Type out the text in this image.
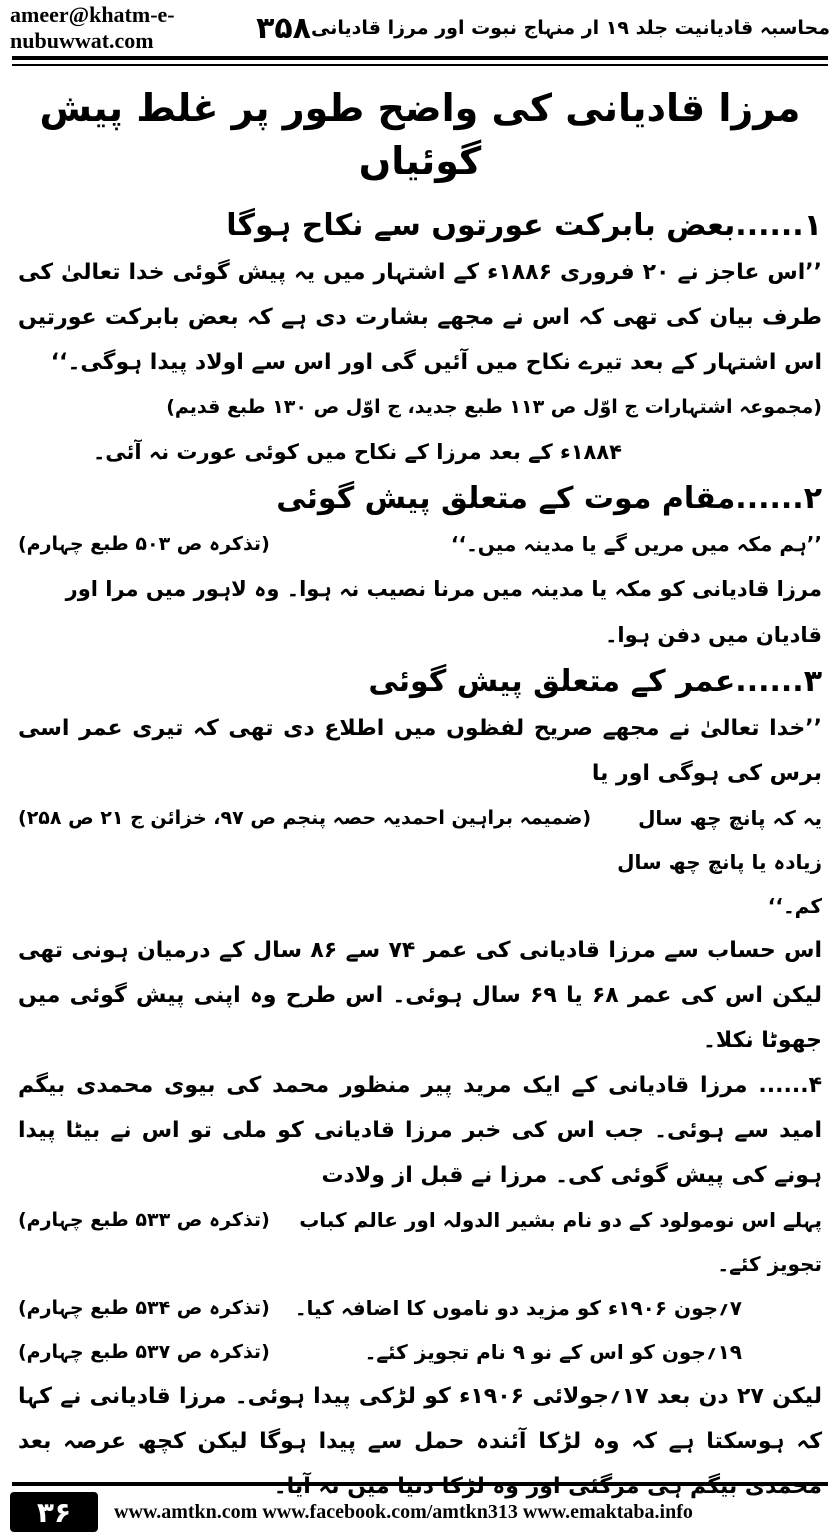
ameer@khatm-e-nubuwwat.com	۳۵۸ محاسبہ قادیانیت جلد ۱۹ ار منہاج نبوت اور مرزا قادیانی
مرزا قادیانی کی واضح طور پر غلط پیش گوئیاں
۱......بعض بابرکت عورتوں سے نکاح ہوگا

’’اس عاجز نے ۲۰ فروری ۱۸۸۶ء کے اشتہار میں یہ پیش گوئی خدا تعالیٰ کی طرف بیان کی تھی کہ اس نے مجھے بشارت دی ہے کہ بعض بابرکت عورتیں اس اشتہار کے بعد تیرے نکاح میں آئیں گی اور اس سے اولاد پیدا ہوگی۔‘‘

(مجموعہ اشتہارات ج اوّل ص ۱۱۳ طبع جدید، ج اوّل ص ۱۳۰ طبع قدیم)
۱۸۸۴ء کے بعد مرزا کے نکاح میں کوئی عورت نہ آئی۔
۲......مقام موت کے متعلق پیش گوئی
’’ہم مکہ میں مریں گے یا مدینہ میں۔‘‘
(تذکرہ ص ۵۰۳ طبع چہارم)
مرزا قادیانی کو مکہ یا مدینہ میں مرنا نصیب نہ ہوا۔ وہ لاہور میں مرا اور قادیان میں دفن ہوا۔
۳......عمر کے متعلق پیش گوئی

’’خدا تعالیٰ نے مجھے صریح لفظوں میں اطلاع دی تھی کہ تیری عمر اسی برس کی ہوگی اور یا

یہ کہ پانچ چھ سال زیادہ یا پانچ چھ سال کم۔‘‘
(ضمیمہ براہین احمدیہ حصہ پنجم ص ۹۷، خزائن ج ۲۱ ص ۲۵۸)

اس حساب سے مرزا قادیانی کی عمر ۷۴ سے ۸۶ سال کے درمیان ہونی تھی لیکن اس کی عمر ۶۸ یا ۶۹ سال ہوئی۔ اس طرح وہ اپنی پیش گوئی میں جھوٹا نکلا۔

۴...... مرزا قادیانی کے ایک مرید پیر منظور محمد کی بیوی محمدی بیگم امید سے ہوئی۔ جب اس کی خبر مرزا قادیانی کو ملی تو اس نے بیٹا پیدا ہونے کی پیش گوئی کی۔ مرزا نے قبل از ولادت

پہلے اس نومولود کے دو نام بشیر الدولہ اور عالم کباب تجویز کئے۔
(تذکرہ ص ۵۳۳ طبع چہارم)
۷؍جون ۱۹۰۶ء کو مزید دو ناموں کا اضافہ کیا۔
(تذکرہ ص ۵۳۴ طبع چہارم)
۱۹؍جون کو اس کے نو ۹ نام تجویز کئے۔
(تذکرہ ص ۵۳۷ طبع چہارم)

لیکن ۲۷ دن بعد ۱۷؍جولائی ۱۹۰۶ء کو لڑکی پیدا ہوئی۔ مرزا قادیانی نے کہا کہ ہوسکتا ہے کہ وہ لڑکا آئندہ حمل سے پیدا ہوگا لیکن کچھ عرصہ بعد محمدی بیگم ہی مرگئی اور وہ لڑکا دنیا میں نہ آیا۔

۳۶	www.amtkn.com www.facebook.com/amtkn313 www.emaktaba.info
